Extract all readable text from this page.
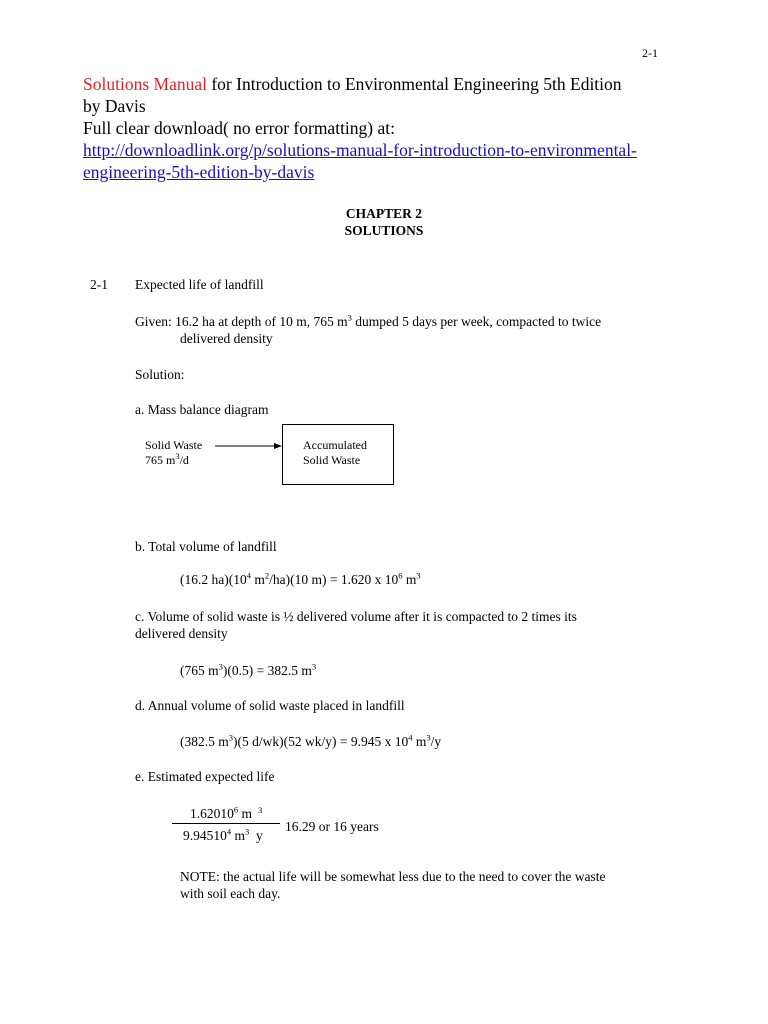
2-1
Solutions Manual for Introduction to Environmental Engineering 5th Edition
by Davis
Full clear download( no error formatting) at:
http://downloadlink.org/p/solutions-manual-for-introduction-to-environmental-
engineering-5th-edition-by-davis
CHAPTER 2
SOLUTIONS
2-1 Expected life of landfill
Given: 16.2 ha at depth of 10 m, 765 $m^3$ dumped 5 days per week, compacted to twice
delivered density
Solution:
a. Mass balance diagram
Solid Waste
765 $m^3/d$
Accumulated
Solid Waste
b. Total volume of landfill
(16.2 $ha)(10^4$ $m^2/ha)(10$ m) = 1.620 x $10^6$ $m^3$
c. Volume of solid waste is ½ delivered volume after it is compacted to 2 times its
delivered density
(765 $m^3)(0.5) = 382.5$ $m^3$
d. Annual volume of solid waste placed in landfill
(382.5 $m^3)(5$ d/wk)(52 wk/y) = 9.945 x $10^4$ $m^3/y$
e. Estimated expected life
1.62010$^6$ m $^3$
9.94510$^4$ $m^3$ y
16.29 or 16 years
NOTE: the actual life will be somewhat less due to the need to cover the waste
with soil each day.
